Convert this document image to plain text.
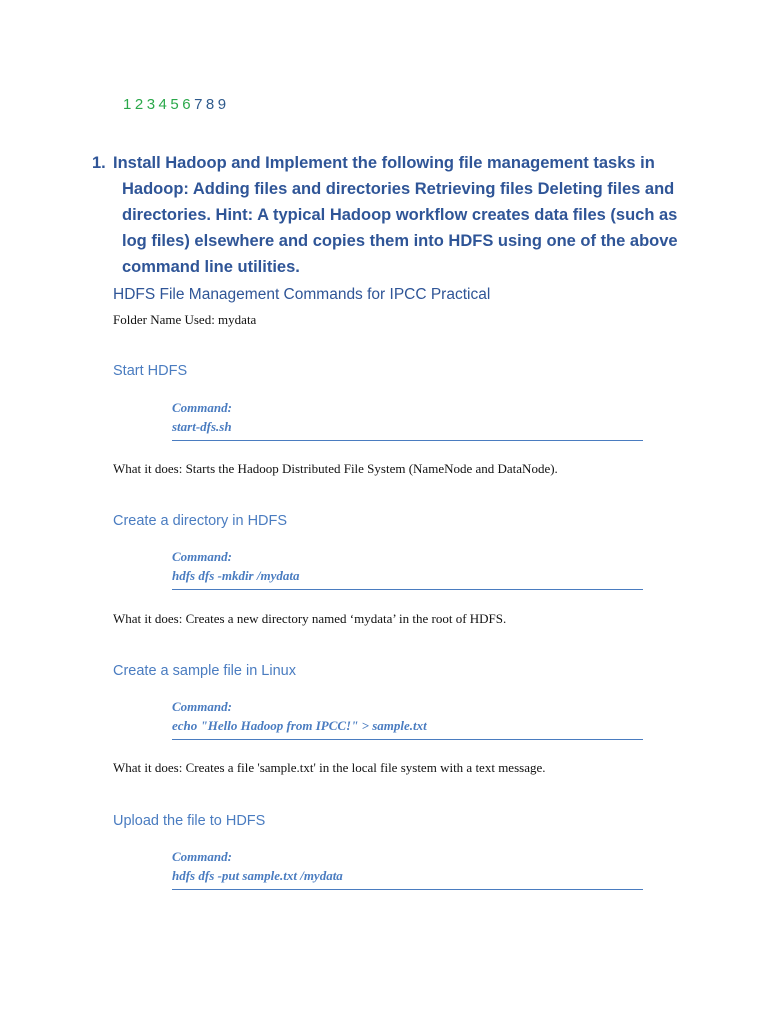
1 2 3 4 5 6 7 8 9
1. Install Hadoop and Implement the following file management tasks in Hadoop: Adding files and directories Retrieving files Deleting files and directories. Hint: A typical Hadoop workflow creates data files (such as log files) elsewhere and copies them into HDFS using one of the above command line utilities.
HDFS File Management Commands for IPCC Practical
Folder Name Used: mydata
Start HDFS
Command:
start-dfs.sh
What it does: Starts the Hadoop Distributed File System (NameNode and DataNode).
Create a directory in HDFS
Command:
hdfs dfs -mkdir /mydata
What it does: Creates a new directory named ‘mydata’ in the root of HDFS.
Create a sample file in Linux
Command:
echo "Hello Hadoop from IPCC!" > sample.txt
What it does: Creates a file 'sample.txt' in the local file system with a text message.
Upload the file to HDFS
Command:
hdfs dfs -put sample.txt /mydata
